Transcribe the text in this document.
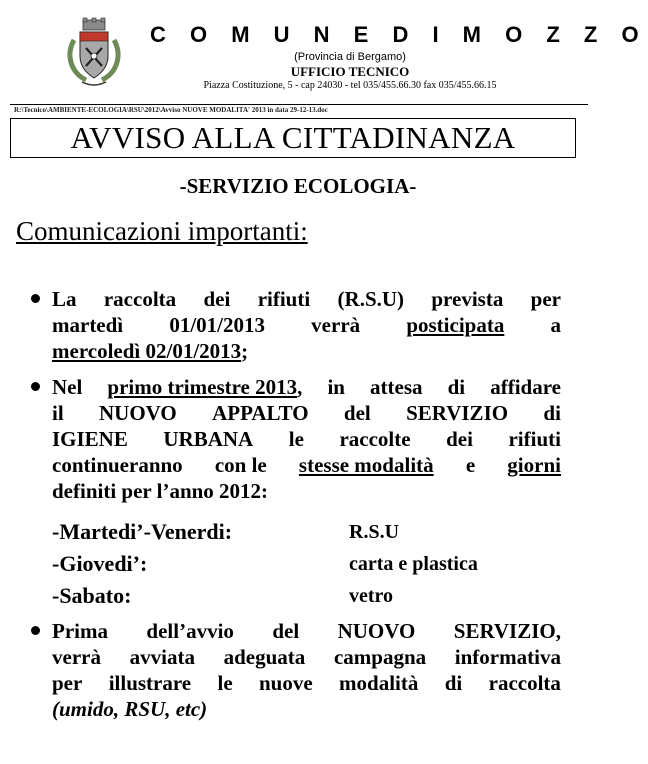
C O M U N E D I M O Z Z O
(Provincia di Bergamo)
UFFICIO TECNICO
Piazza Costituzione, 5 - cap 24030 - tel 035/455.66.30 fax 035/455.66.15
R:\Tecnico\AMBIENTE-ECOLOGIA\RSU\2012\Avviso NUOVE MODALITA' 2013 in data 29-12-13.doc
AVVISO ALLA CITTADINANZA
-SERVIZIO ECOLOGIA-
Comunicazioni importanti:
La raccolta dei rifiuti (R.S.U) prevista per
martedì 01/01/2013 verrà posticipata a
mercoledì 02/01/2013 ;
Nel primo trimestre 2013, in attesa di affidare
il NUOVO APPALTO del SERVIZIO di
IGIENE URBANA le raccolte dei rifiuti
continueranno con le stesse modalità e giorni
definiti per l’anno 2012:
-Martedi’-Venerdi:	R.S.U
-Giovedi’:	carta e plastica
-Sabato:	vetro
Prima dell’avvio del NUOVO SERVIZIO,
verrà avviata adeguata campagna informativa
per illustrare le nuove modalità di raccolta
(umido, RSU, etc)
